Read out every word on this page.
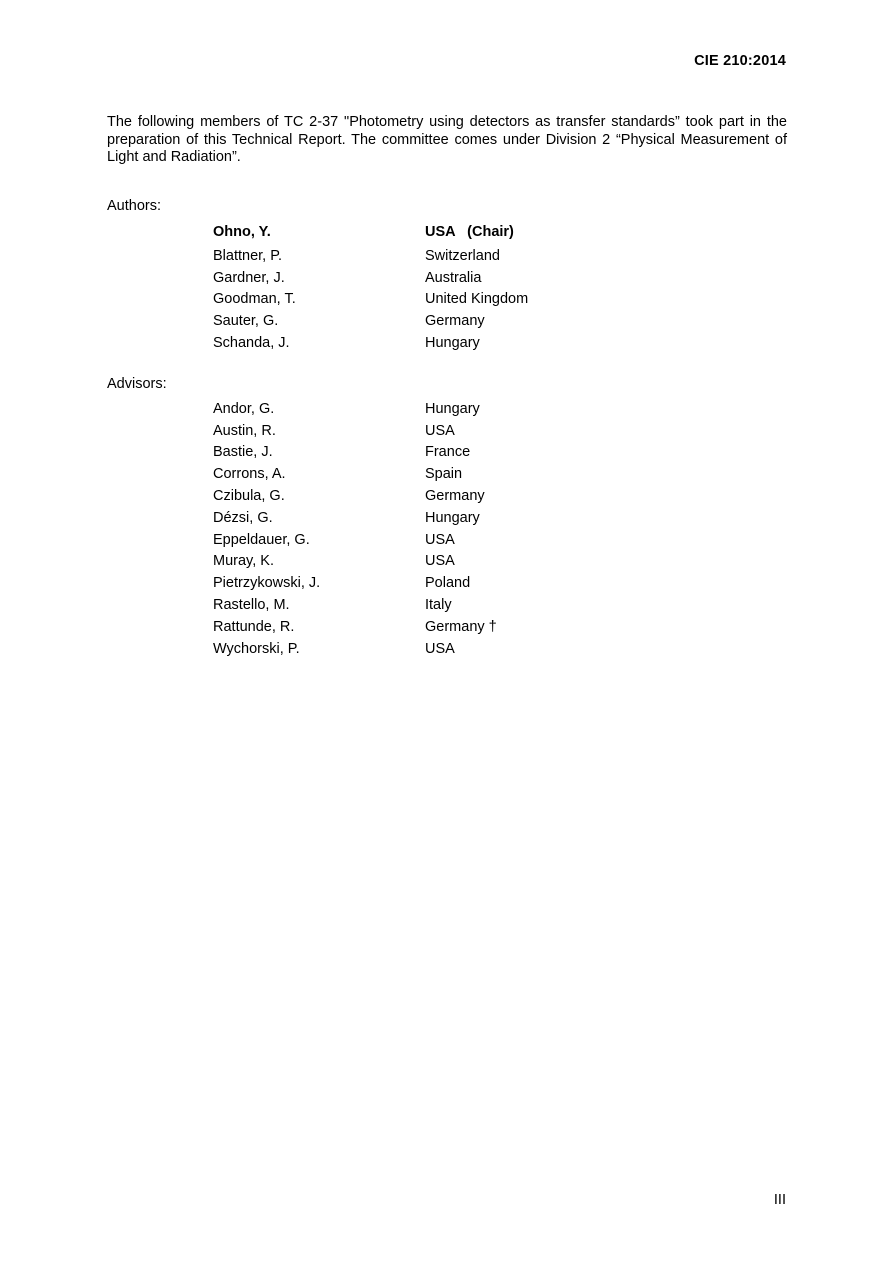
CIE 210:2014

The following members of TC 2-37 "Photometry using detectors as transfer standards” took part in the preparation of this Technical Report. The committee comes under Division 2 “Physical Measurement of Light and Radiation”.

Authors:
Ohno, Y.	USA   (Chair)
Blattner, P.	Switzerland
Gardner, J.	Australia
Goodman, T.	United Kingdom
Sauter, G.	Germany
Schanda, J.	Hungary
Advisors:
Andor, G.	Hungary
Austin, R.	USA
Bastie, J.	France
Corrons, A.	Spain
Czibula, G.	Germany
Dézsi, G.	Hungary
Eppeldauer, G.	USA
Muray, K.	USA
Pietrzykowski, J.	Poland
Rastello, M.	Italy
Rattunde, R.	Germany †
Wychorski, P.	USA
III
